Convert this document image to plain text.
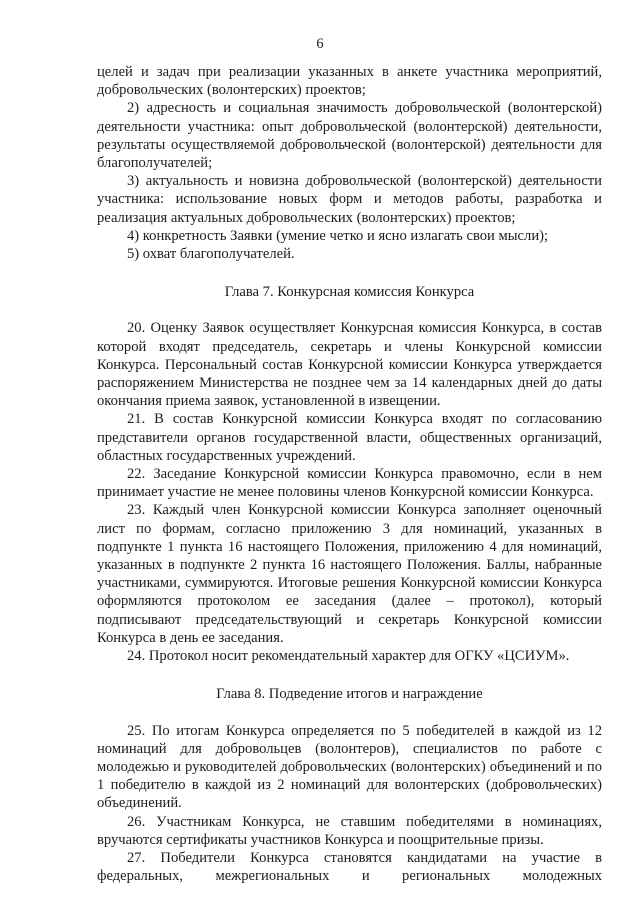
6

целей и задач при реализации указанных в анкете участника мероприятий, добровольческих (волонтерских) проектов;

2) адресность и социальная значимость добровольческой (волонтерской) деятельности участника: опыт добровольческой (волонтерской) деятельности, результаты осуществляемой добровольческой (волонтерской) деятельности для благополучателей;

3) актуальность и новизна добровольческой (волонтерской) деятельности участника: использование новых форм и методов работы, разработка и реализация актуальных добровольческих (волонтерских) проектов;

4) конкретность Заявки (умение четко и ясно излагать свои мысли);

5) охват благополучателей.

Глава 7. Конкурсная комиссия Конкурса

20. Оценку Заявок осуществляет Конкурсная комиссия Конкурса, в состав которой входят председатель, секретарь и члены Конкурсной комиссии Конкурса. Персональный состав Конкурсной комиссии Конкурса утверждается распоряжением Министерства не позднее чем за 14 календарных дней до даты окончания приема заявок, установленной в извещении.

21. В состав Конкурсной комиссии Конкурса входят по согласованию представители органов государственной власти, общественных организаций, областных государственных учреждений.

22. Заседание Конкурсной комиссии Конкурса правомочно, если в нем принимает участие не менее половины членов Конкурсной комиссии Конкурса.

23. Каждый член Конкурсной комиссии Конкурса заполняет оценочный лист по формам, согласно приложению 3 для номинаций, указанных в подпункте 1 пункта 16 настоящего Положения, приложению 4 для номинаций, указанных в подпункте 2 пункта 16 настоящего Положения. Баллы, набранные участниками, суммируются. Итоговые решения Конкурсной комиссии Конкурса оформляются протоколом ее заседания (далее – протокол), который подписывают председательствующий и секретарь Конкурсной комиссии Конкурса в день ее заседания.

24. Протокол носит рекомендательный характер для ОГКУ «ЦСИУМ».

Глава 8. Подведение итогов и награждение

25. По итогам Конкурса определяется по 5 победителей в каждой из 12 номинаций для добровольцев (волонтеров), специалистов по работе с молодежью и руководителей добровольческих (волонтерских) объединений и по 1 победителю в каждой из 2 номинаций для волонтерских (добровольческих) объединений.

26. Участникам Конкурса, не ставшим победителями в номинациях, вручаются сертификаты участников Конкурса и поощрительные призы.

27. Победители Конкурса становятся кандидатами на участие в федеральных, межрегиональных и региональных молодежных
